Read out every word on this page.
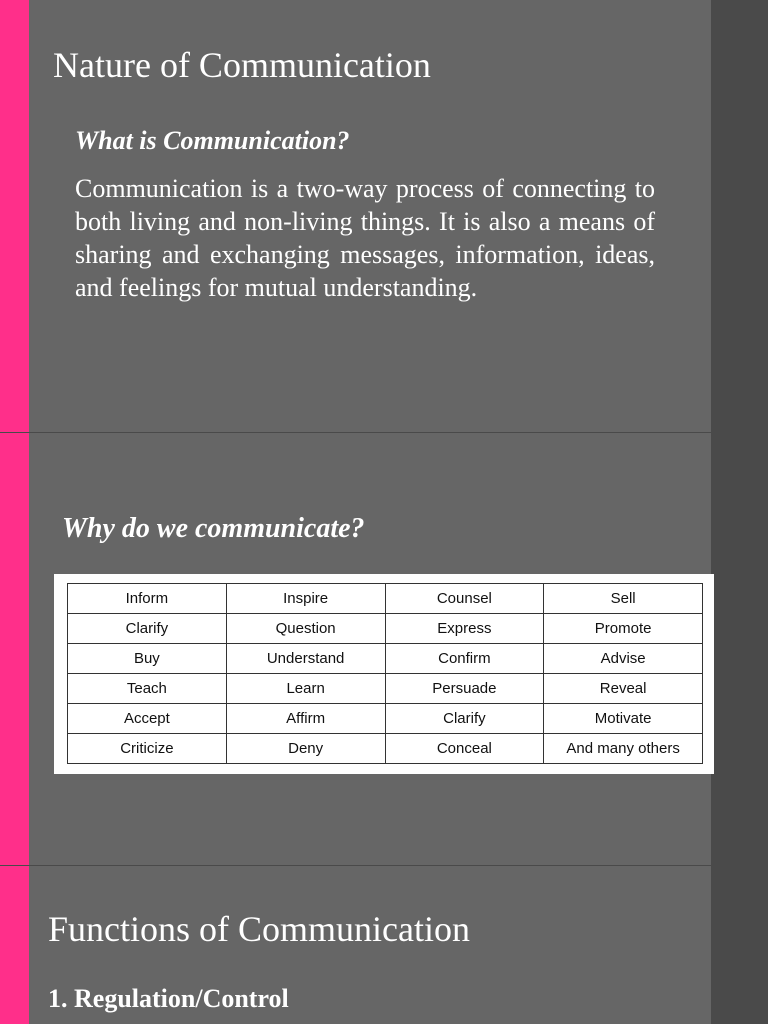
Nature of Communication
What is Communication?

Communication is a two-way process of connecting to both living and non-living things. It is also a means of sharing and exchanging messages, information, ideas, and feelings for mutual understanding.

Why do we communicate?
Inform	Inspire	Counsel	Sell
Clarify	Question	Express	Promote
Buy	Understand	Confirm	Advise
Teach	Learn	Persuade	Reveal
Accept	Affirm	Clarify	Motivate
Criticize	Deny	Conceal	And many others
Functions of Communication
1. Regulation/Control
